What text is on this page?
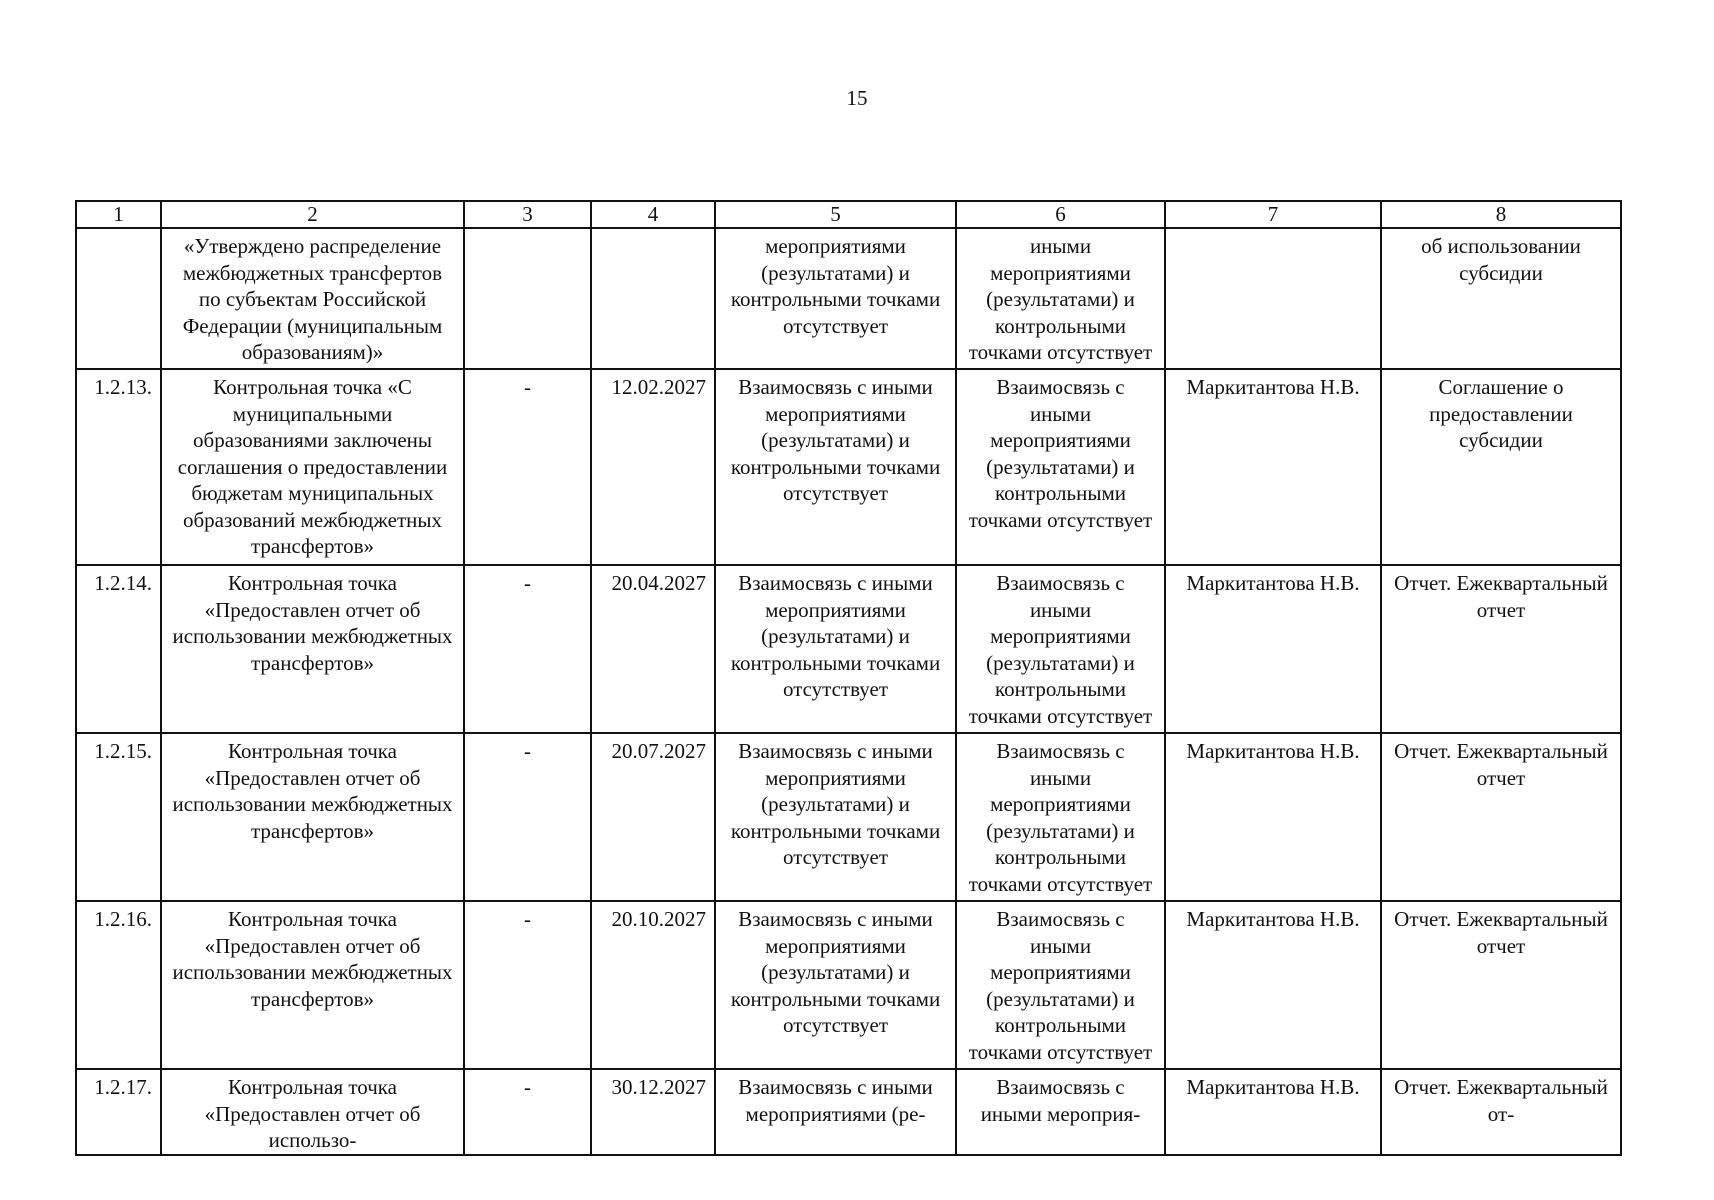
15
1	2	3	4	5	6	7	8

	«Утверждено распределение межбюджетных трансфертов по субъектам Российской Федерации (муниципальным образованиям)»			мероприятиями (результатами) и контрольными точками отсутствует	иными мероприятиями (результатами) и контрольными точками отсутствует		об использовании субсидии

1.2.13.	Контрольная точка «С муниципальными образованиями заключены соглашения о предоставлении бюджетам муниципальных образований межбюджетных трансфертов»	-	12.02.2027	Взаимосвязь с иными мероприятиями (результатами) и контрольными точками отсутствует	Взаимосвязь с иными мероприятиями (результатами) и контрольными точками отсутствует	Маркитантова Н.В.	Соглашение о предоставлении субсидии

1.2.14.	Контрольная точка «Предоставлен отчет об использовании межбюджетных трансфертов»	-	20.04.2027	Взаимосвязь с иными мероприятиями (результатами) и контрольными точками отсутствует	Взаимосвязь с иными мероприятиями (результатами) и контрольными точками отсутствует	Маркитантова Н.В.	Отчет. Ежеквартальный отчет

1.2.15.	Контрольная точка «Предоставлен отчет об использовании межбюджетных трансфертов»	-	20.07.2027	Взаимосвязь с иными мероприятиями (результатами) и контрольными точками отсутствует	Взаимосвязь с иными мероприятиями (результатами) и контрольными точками отсутствует	Маркитантова Н.В.	Отчет. Ежеквартальный отчет

1.2.16.	Контрольная точка «Предоставлен отчет об использовании межбюджетных трансфертов»	-	20.10.2027	Взаимосвязь с иными мероприятиями (результатами) и контрольными точками отсутствует	Взаимосвязь с иными мероприятиями (результатами) и контрольными точками отсутствует	Маркитантова Н.В.	Отчет. Ежеквартальный отчет

1.2.17.	Контрольная точка «Предоставлен отчет об использо-	-	30.12.2027	Взаимосвязь с иными мероприятиями (ре-	Взаимосвязь с иными мероприя-	Маркитантова Н.В.	Отчет. Ежеквартальный от-
